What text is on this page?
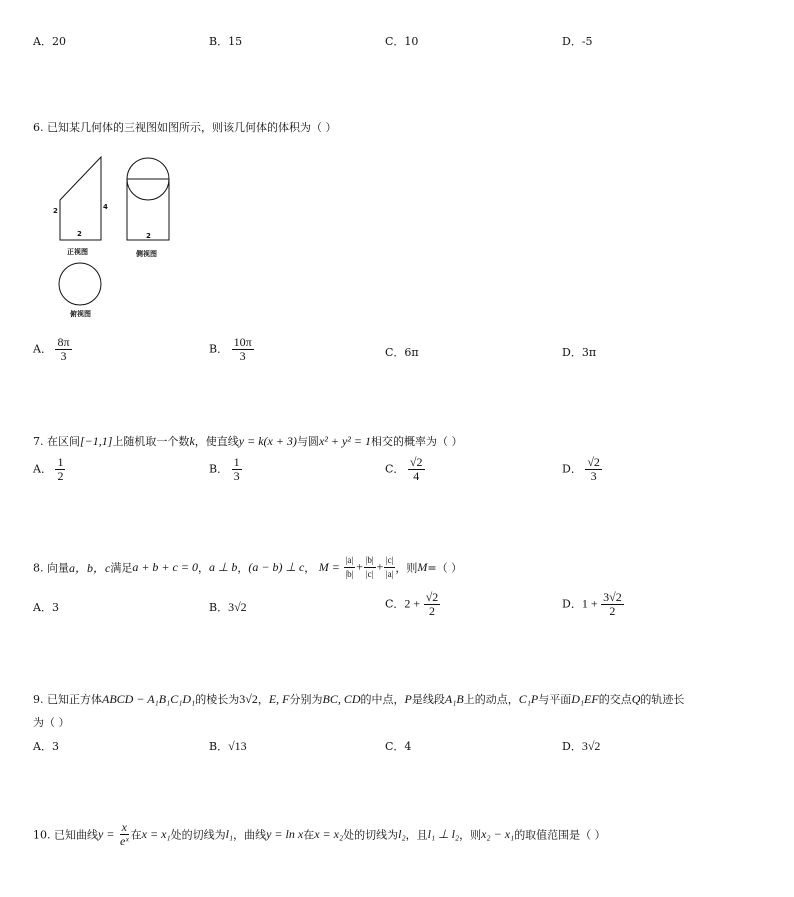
A．20	B．15	C．10	D．-5
6. 已知某几何体的三视图如图所示，则该几何体的体积为（ ）
2	4
2	2
正视图	侧视图
俯视图
A． $\frac{8\pi}{3}$	B． $\frac{10\pi}{3}$	C．6π	D．3π
7. 在区间[−1,1]上随机取一个数k，使直线y = k(x + 3)与圆x² + y² = 1相交的概率为（ ）
A． $\frac{1}{2}$	B． $\frac{1}{3}$	C． $\frac{√2}{4}$	D． $\frac{√2}{3}$
8. 向量a，b，c满足a + b + c = 0，a ⊥ b，(a − b) ⊥ c， $M = \frac{|a|}{|b|} + \frac{|b|}{|c|} + \frac{|c|}{|a|}$ ，则M=（ ）
A．3	B．3√2	C．$2 + \frac{√2}{2}$	D．$1 + \frac{3√2}{2}$
9. 已知正方体ABCD − A₁B₁C₁D₁的棱长为3√2，E, F分别为BC, CD的中点，P是线段A₁B上的动点，C₁P与平面D₁EF的交点Q的轨迹长
为（ ）
A．3	B．√13	C．4	D．3√2
10. 已知曲线$y = \frac{x}{\text{eˣ}}$ 在x = x₁处的切线为l₁，曲线y = ln x在x = x₂处的切线为l₂，且l₁ ⊥ l₂，则x₂ − x₁的取值范围是（ ）
